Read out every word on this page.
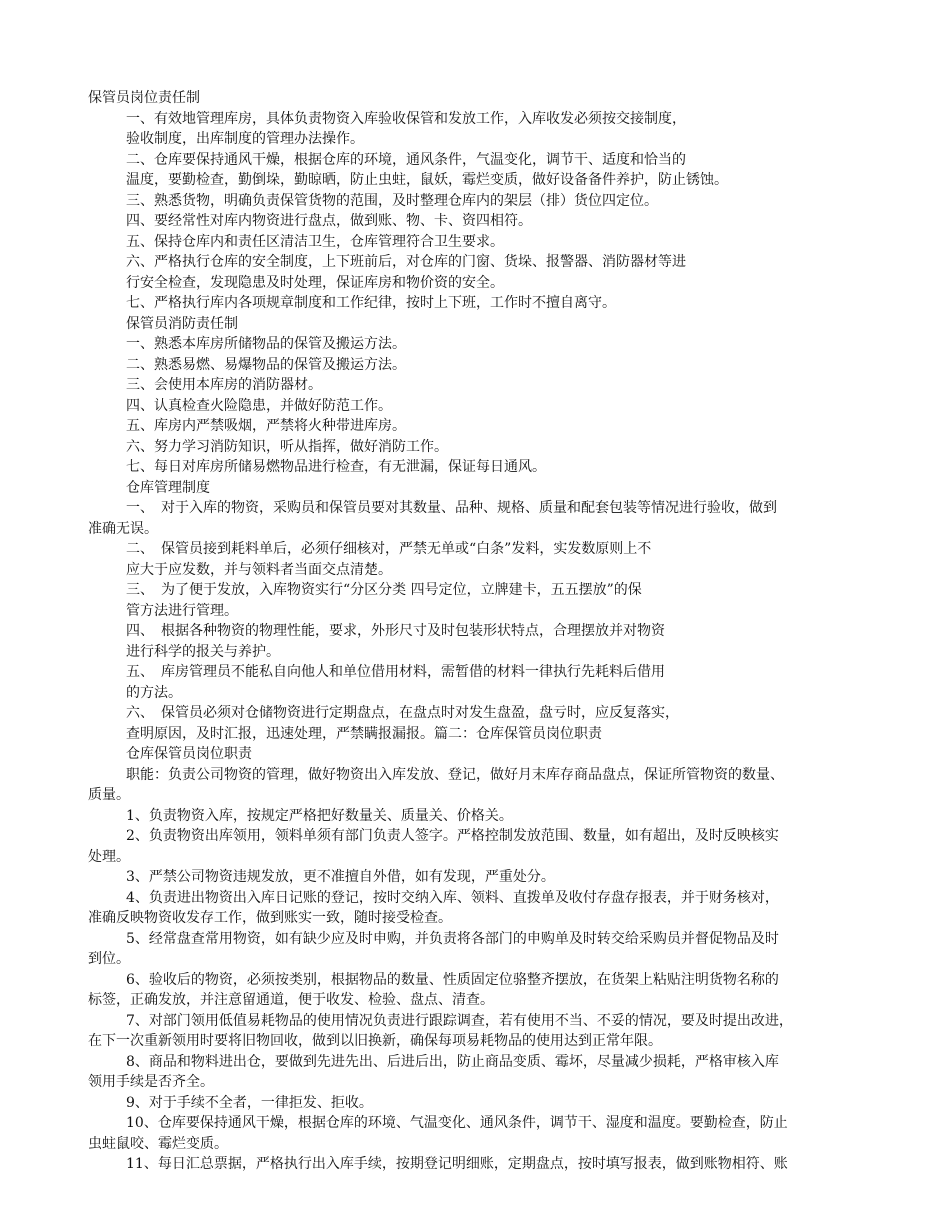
保管员岗位责任制
一、有效地管理库房，具体负责物资入库验收保管和发放工作，入库收发必须按交接制度，
验收制度，出库制度的管理办法操作。
二、仓库要保持通风干燥，根据仓库的环境，通风条件，气温变化，调节干、适度和恰当的
温度，要勤检查，勤倒垛，勤晾晒，防止虫蛀，鼠妖，霉烂变质，做好设备备件养护，防止锈蚀。
三、熟悉货物，明确负责保管货物的范围，及时整理仓库内的架层（排）货位四定位。
四、要经常性对库内物资进行盘点，做到账、物、卡、资四相符。
五、保持仓库内和责任区清洁卫生，仓库管理符合卫生要求。
六、严格执行仓库的安全制度，上下班前后，对仓库的门窗、货垛、报警器、消防器材等进
行安全检查，发现隐患及时处理，保证库房和物价资的安全。
七、严格执行库内各项规章制度和工作纪律，按时上下班，工作时不擅自离守。
保管员消防责任制
一、熟悉本库房所储物品的保管及搬运方法。
二、熟悉易燃、易爆物品的保管及搬运方法。
三、会使用本库房的消防器材。
四、认真检查火险隐患，并做好防范工作。
五、库房内严禁吸烟，严禁将火种带进库房。
六、努力学习消防知识，听从指挥，做好消防工作。
七、每日对库房所储易燃物品进行检查，有无泄漏，保证每日通风。
仓库管理制度
一、　对于入库的物资，采购员和保管员要对其数量、品种、规格、质量和配套包装等情况进行验收，做到
准确无误。
二、　保管员接到耗料单后，必须仔细核对，严禁无单或“白条”发料，实发数原则上不
应大于应发数，并与领料者当面交点清楚。
三、　为了便于发放，入库物资实行“分区分类 四号定位，立牌建卡，五五摆放”的保
管方法进行管理。
四、　根据各种物资的物理性能，要求，外形尺寸及时包装形状特点，合理摆放并对物资
进行科学的报关与养护。
五、　库房管理员不能私自向他人和单位借用材料，需暂借的材料一律执行先耗料后借用
的方法。
六、　保管员必须对仓储物资进行定期盘点，在盘点时对发生盘盈，盘亏时，应反复落实，
查明原因，及时汇报，迅速处理，严禁瞒报漏报。篇二：仓库保管员岗位职责
仓库保管员岗位职责
职能：负责公司物资的管理，做好物资出入库发放、登记，做好月末库存商品盘点，保证所管物资的数量、
质量。
1、负责物资入库，按规定严格把好数量关、质量关、价格关。
2、负责物资出库领用，领料单须有部门负责人签字。严格控制发放范围、数量，如有超出，及时反映核实
处理。
3、严禁公司物资违规发放，更不准擅自外借，如有发现，严重处分。
4、负责进出物资出入库日记账的登记，按时交纳入库、领料、直拨单及收付存盘存报表，并于财务核对，
准确反映物资收发存工作，做到账实一致，随时接受检查。
5、经常盘查常用物资，如有缺少应及时申购，并负责将各部门的申购单及时转交给采购员并督促物品及时
到位。
6、验收后的物资，必须按类别，根据物品的数量、性质固定位骆整齐摆放，在货架上粘贴注明货物名称的
标签，正确发放，并注意留通道，便于收发、检验、盘点、清查。
7、对部门领用低值易耗物品的使用情况负责进行跟踪调查，若有使用不当、不妥的情况，要及时提出改进，
在下一次重新领用时要将旧物回收，做到以旧换新，确保每项易耗物品的使用达到正常年限。
8、商品和物料进出仓，要做到先进先出、后进后出，防止商品变质、霉坏，尽量减少损耗，严格审核入库
领用手续是否齐全。
9、对于手续不全者，一律拒发、拒收。
10、仓库要保持通风干燥，根据仓库的环境、气温变化、通风条件，调节干、湿度和温度。要勤检查，防止
虫蛀鼠咬、霉烂变质。
11、每日汇总票据，严格执行出入库手续，按期登记明细账，定期盘点，按时填写报表，做到账物相符、账
